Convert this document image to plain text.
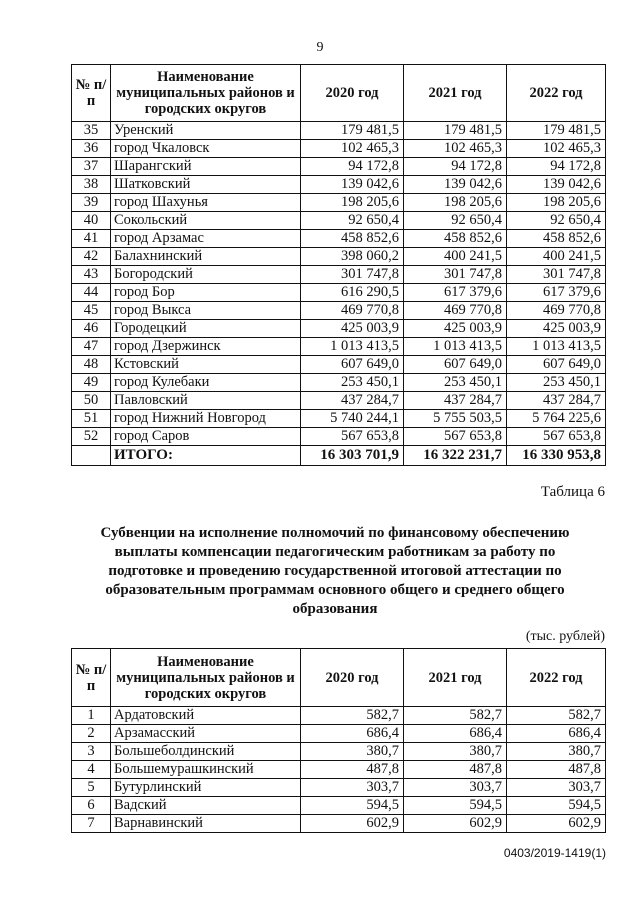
9
№ п/п	Наименование муниципальных районов и городских округов	2020 год	2021 год	2022 год
35	Уренский	179 481,5	179 481,5	179 481,5
36	город Чкаловск	102 465,3	102 465,3	102 465,3
37	Шарангский	94 172,8	94 172,8	94 172,8
38	Шатковский	139 042,6	139 042,6	139 042,6
39	город Шахунья	198 205,6	198 205,6	198 205,6
40	Сокольский	92 650,4	92 650,4	92 650,4
41	город Арзамас	458 852,6	458 852,6	458 852,6
42	Балахнинский	398 060,2	400 241,5	400 241,5
43	Богородский	301 747,8	301 747,8	301 747,8
44	город Бор	616 290,5	617 379,6	617 379,6
45	город Выкса	469 770,8	469 770,8	469 770,8
46	Городецкий	425 003,9	425 003,9	425 003,9
47	город Дзержинск	1 013 413,5	1 013 413,5	1 013 413,5
48	Кстовский	607 649,0	607 649,0	607 649,0
49	город Кулебаки	253 450,1	253 450,1	253 450,1
50	Павловский	437 284,7	437 284,7	437 284,7
51	город Нижний Новгород	5 740 244,1	5 755 503,5	5 764 225,6
52	город Саров	567 653,8	567 653,8	567 653,8
	ИТОГО:	16 303 701,9	16 322 231,7	16 330 953,8
Таблица 6
Субвенции на исполнение полномочий по финансовому обеспечению выплаты компенсации педагогическим работникам за работу по подготовке и проведению государственной итоговой аттестации по образовательным программам основного общего и среднего общего образования
(тыс. рублей)
№ п/п	Наименование муниципальных районов и городских округов	2020 год	2021 год	2022 год
1	Ардатовский	582,7	582,7	582,7
2	Арзамасский	686,4	686,4	686,4
3	Большеболдинский	380,7	380,7	380,7
4	Большемурашкинский	487,8	487,8	487,8
5	Бутурлинский	303,7	303,7	303,7
6	Вадский	594,5	594,5	594,5
7	Варнавинский	602,9	602,9	602,9
0403/2019-1419(1)
